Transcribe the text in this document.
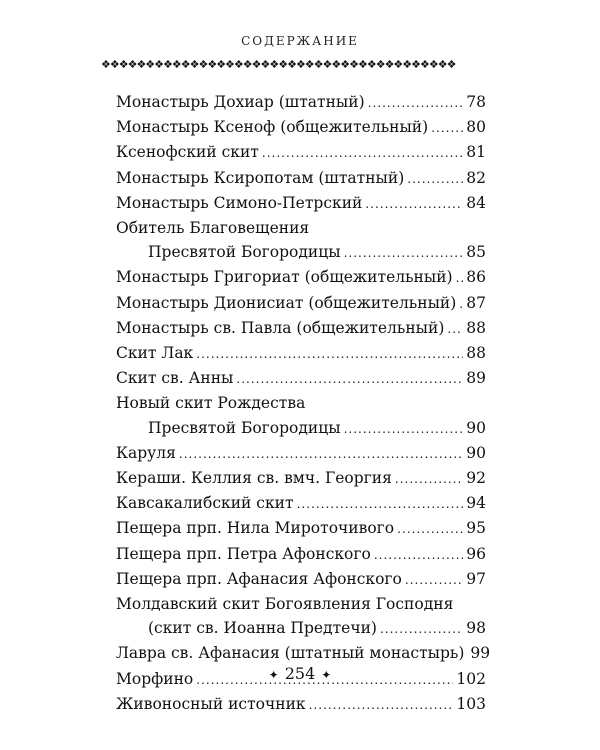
СОДЕРЖАНИЕ
❖❖❖❖❖❖❖❖❖❖❖❖❖❖❖❖❖❖❖❖❖❖❖❖❖❖❖❖❖❖❖❖❖❖❖❖❖❖❖❖
Монастырь Дохиар (штатный) .....	78
Монастырь Ксеноф (общежительный) ..... 80
Ксенофский скит .....	81
Монастырь Ксиропотам (штатный) .....	82
Монастырь Симоно-Петрский .....	84
Обитель Благовещения
Пресвятой Богородицы .....	85
Монастырь Григориат (общежительный) ..... 86
Монастырь Дионисиат (общежительный) ..... 87
Монастырь св. Павла (общежительный) ..... 88
Скит Лак .....	88
Скит св. Анны .....	89
Новый скит Рождества
Пресвятой Богородицы .....	90
Каруля .....	90
Кераши. Келлия св. вмч. Георгия .....	92
Кавсакалибский скит .....	94
Пещера прп. Нила Мироточивого .....	95
Пещера прп. Петра Афонского .....	96
Пещера прп. Афанасия Афонского .....	97
Молдавский скит Богоявления Господня
(скит св. Иоанна Предтечи) .....	98
Лавра св. Афанасия (штатный монастырь) 99
Морфино .....	102
Живоносный источник .....	103
✦ 254 ✦
